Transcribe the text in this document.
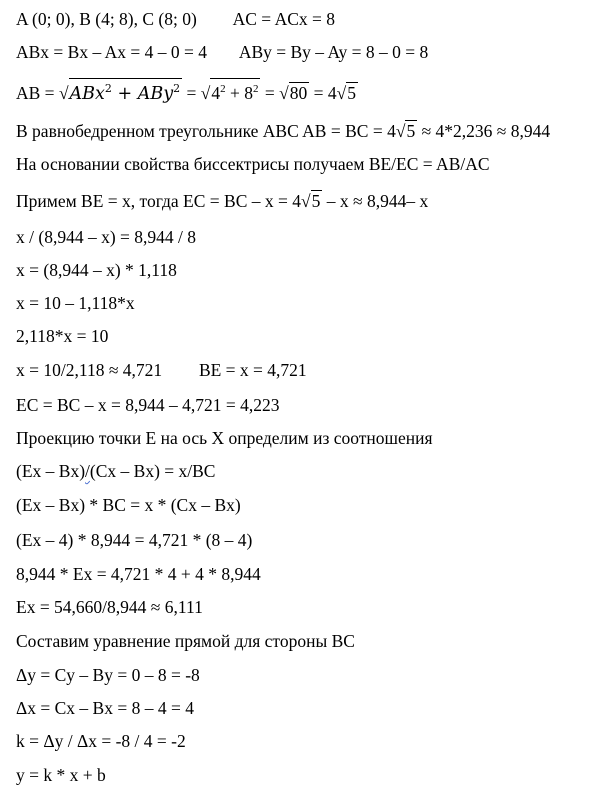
A (0; 0), B (4; 8), C (8; 0) AC = ACx = 8
ABx = Bx – Ax = 4 – 0 = 4 ABy = By – Ay = 8 – 0 = 8
AB = $√ABx^2 + ABy^2 = √4^2 + 8^2 = √80 = 4√5$
В равнобедренном треугольнике ABC AB = BC = 4√5 ≈ 4*2,236 ≈ 8,944
На основании свойства биссектрисы получаем BE/EC = AB/AC
Примем BE = x, тогда EC = BC – x = 4√5 – x ≈ 8,944– x
x / (8,944 – x) = 8,944 / 8
x = (8,944 – x) * 1,118
x = 10 – 1,118*x
2,118*x = 10
x = 10/2,118 ≈ 4,721 BE = x = 4,721
EC = BC – x = 8,944 – 4,721 = 4,223
Проекцию точки E на ось X определим из соотношения
(Ex – Bx)/(Cx – Bx) = x/BC
(Ex – Bx) * BC = x * (Cx – Bx)
(Ex – 4) * 8,944 = 4,721 * (8 – 4)
8,944 * Ex = 4,721 * 4 + 4 * 8,944
Ex = 54,660/8,944 ≈ 6,111
Составим уравнение прямой для стороны BC
Δy = Cy – By = 0 – 8 = -8
Δx = Cx – Bx = 8 – 4 = 4
k = Δy / Δx = -8 / 4 = -2
y = k * x + b
